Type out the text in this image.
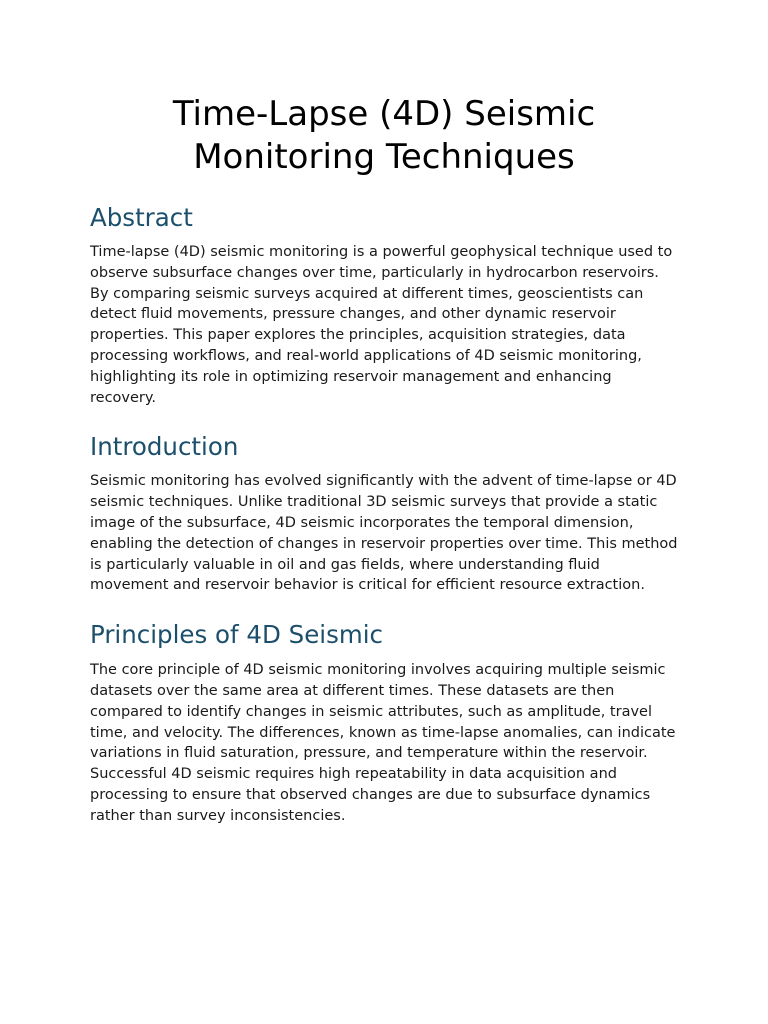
Time-Lapse (4D) Seismic Monitoring Techniques
Abstract

Time-lapse (4D) seismic monitoring is a powerful geophysical technique used to observe subsurface changes over time, particularly in hydrocarbon reservoirs. By comparing seismic surveys acquired at different times, geoscientists can detect fluid movements, pressure changes, and other dynamic reservoir properties. This paper explores the principles, acquisition strategies, data processing workflows, and real-world applications of 4D seismic monitoring, highlighting its role in optimizing reservoir management and enhancing recovery.

Introduction

Seismic monitoring has evolved significantly with the advent of time-lapse or 4D seismic techniques. Unlike traditional 3D seismic surveys that provide a static image of the subsurface, 4D seismic incorporates the temporal dimension, enabling the detection of changes in reservoir properties over time. This method is particularly valuable in oil and gas fields, where understanding fluid movement and reservoir behavior is critical for efficient resource extraction.

Principles of 4D Seismic

The core principle of 4D seismic monitoring involves acquiring multiple seismic datasets over the same area at different times. These datasets are then compared to identify changes in seismic attributes, such as amplitude, travel time, and velocity. The differences, known as time-lapse anomalies, can indicate variations in fluid saturation, pressure, and temperature within the reservoir. Successful 4D seismic requires high repeatability in data acquisition and processing to ensure that observed changes are due to subsurface dynamics rather than survey inconsistencies.
